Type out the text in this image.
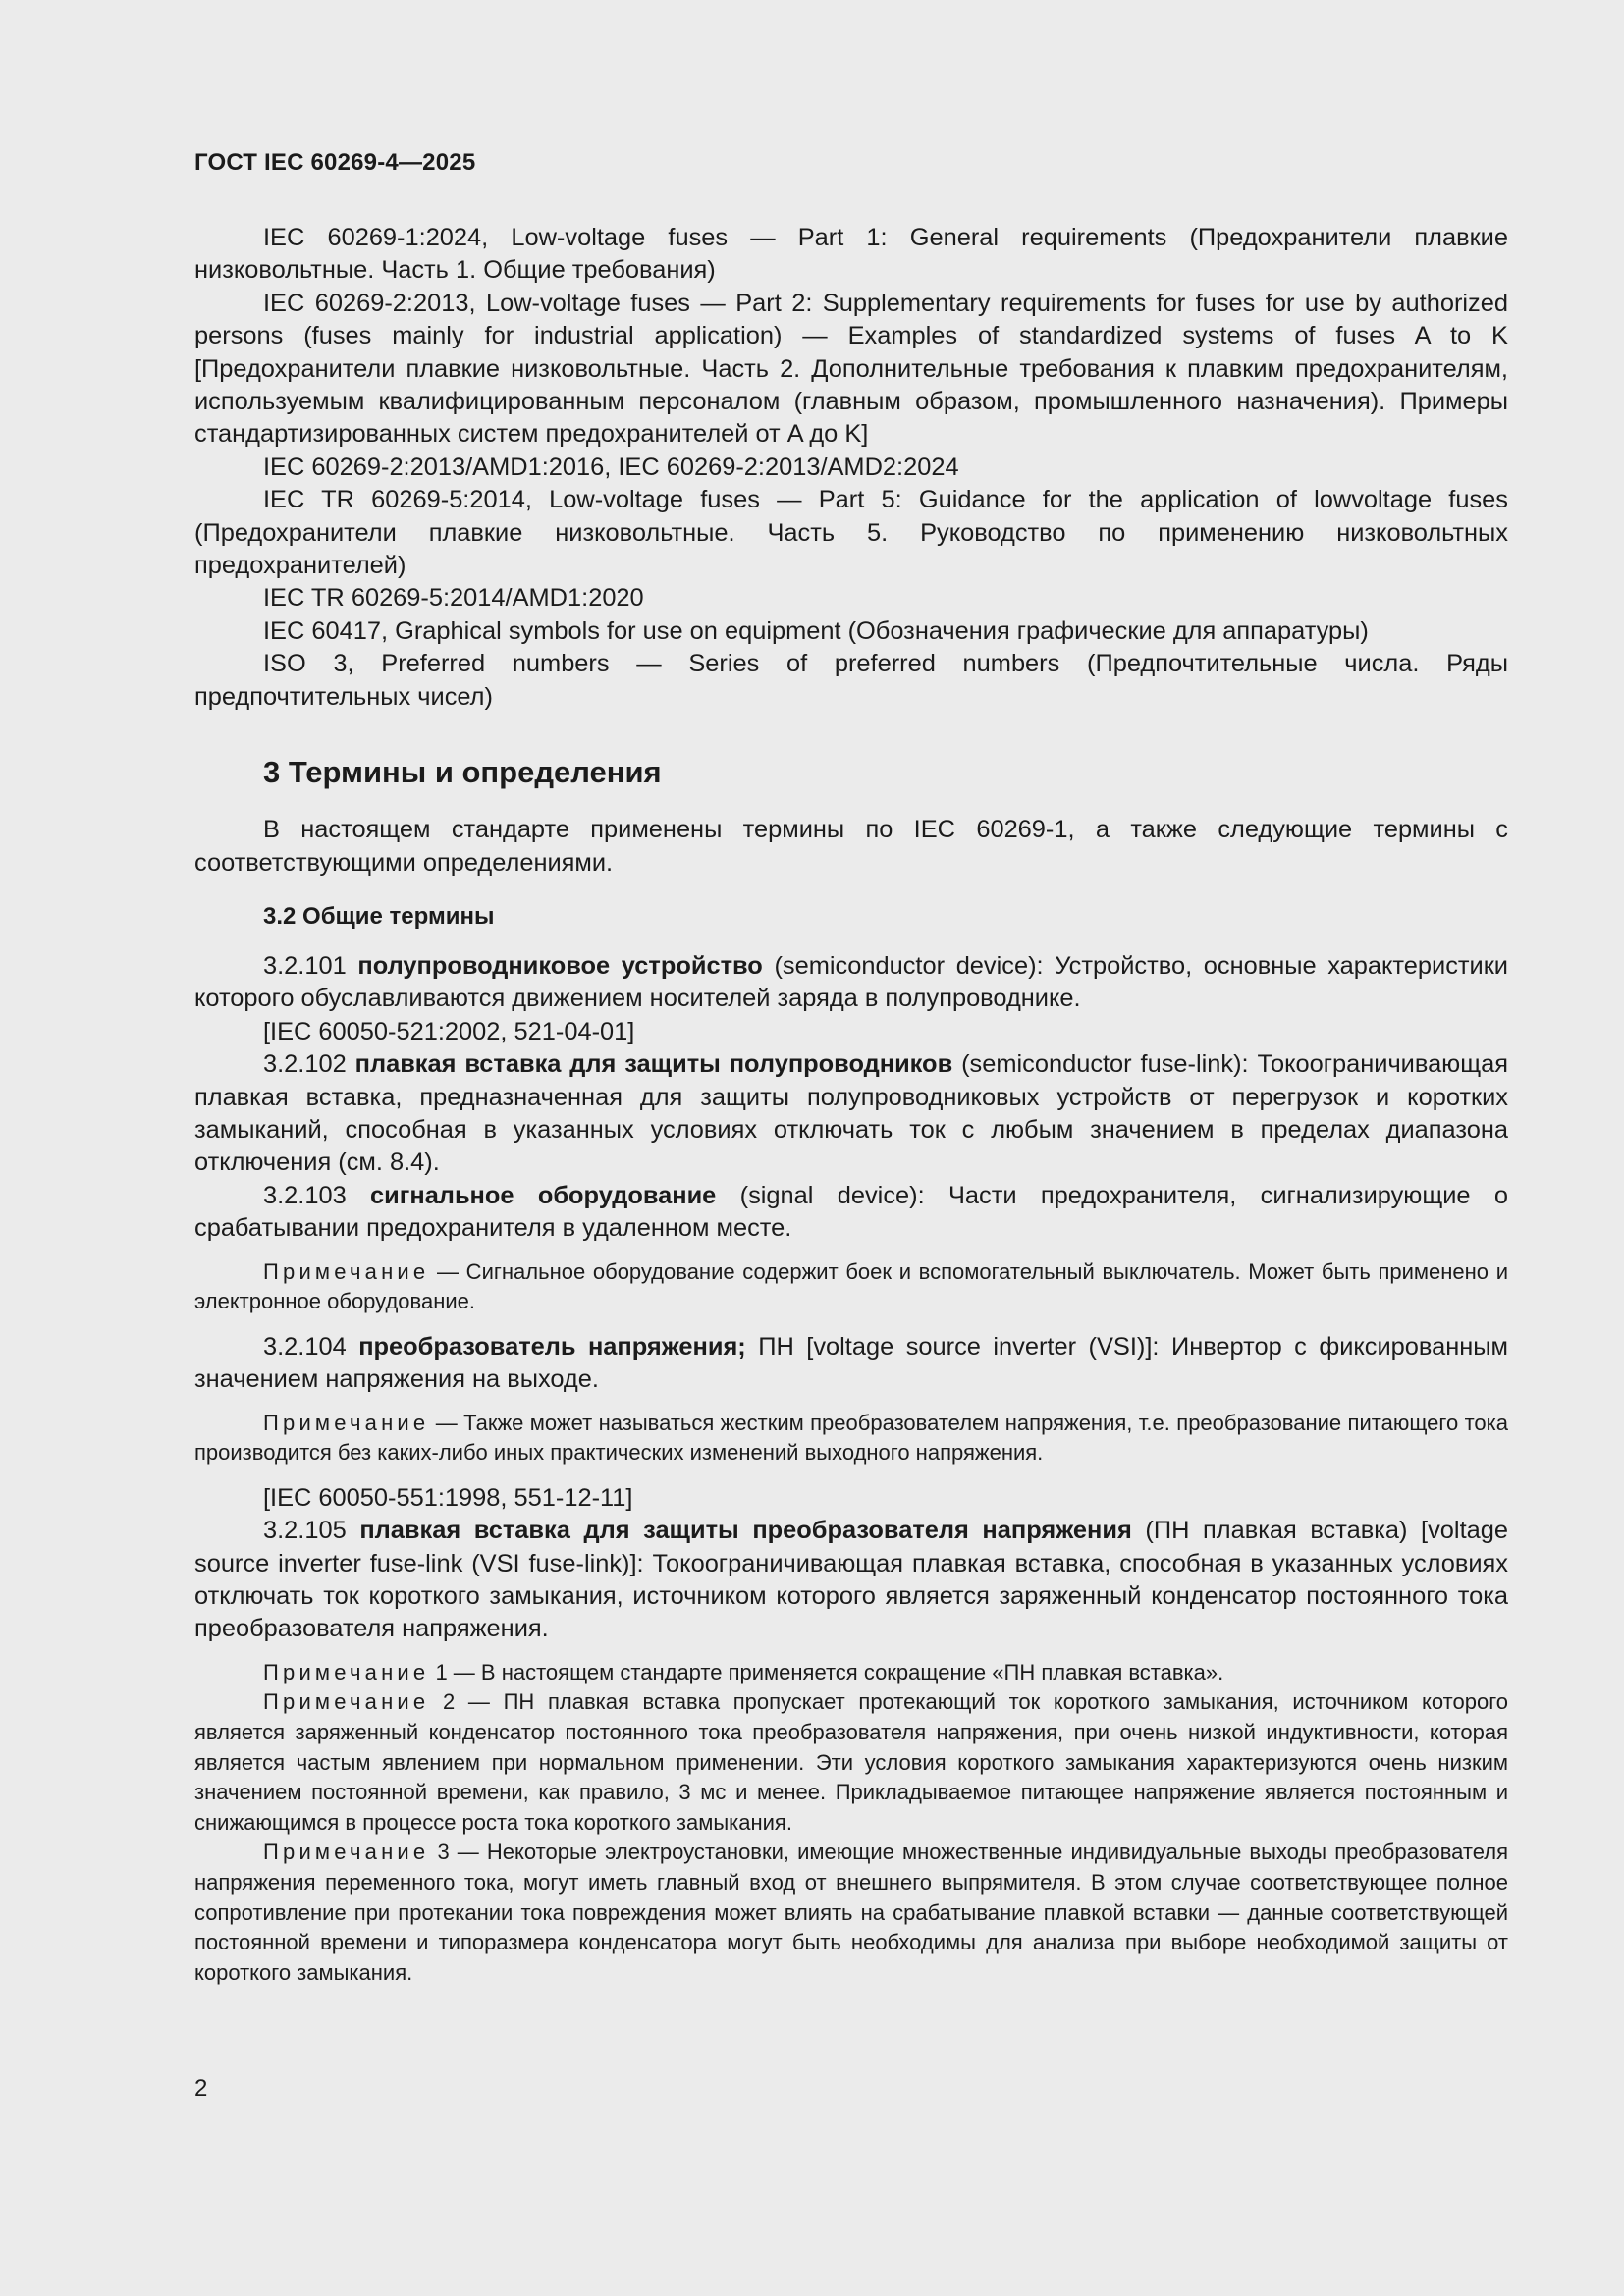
ГОСТ IEC 60269-4—2025

IEC 60269-1:2024, Low-voltage fuses — Part 1: General requirements (Предохранители плавкие низковольтные. Часть 1. Общие требования)

IEC 60269-2:2013, Low-voltage fuses — Part 2: Supplementary requirements for fuses for use by authorized persons (fuses mainly for industrial application) — Examples of standardized systems of fuses A to K [Предохранители плавкие низковольтные. Часть 2. Дополнительные требования к плавким предохранителям, используемым квалифицированным персоналом (главным образом, промышленного назначения). Примеры стандартизированных систем предохранителей от A до K]

IEC 60269-2:2013/AMD1:2016, IEC 60269-2:2013/AMD2:2024

IEC TR 60269-5:2014, Low-voltage fuses — Part 5: Guidance for the application of lowvoltage fuses (Предохранители плавкие низковольтные. Часть 5. Руководство по применению низковольтных предохранителей)

IEC TR 60269-5:2014/AMD1:2020

IEC 60417, Graphical symbols for use on equipment (Обозначения графические для аппаратуры)

ISO 3, Preferred numbers — Series of preferred numbers (Предпочтительные числа. Ряды предпочтительных чисел)

3 Термины и определения

В настоящем стандарте применены термины по IEC 60269-1, а также следующие термины с соответствующими определениями.

3.2 Общие термины

3.2.101 полупроводниковое устройство (semiconductor device): Устройство, основные характеристики которого обуславливаются движением носителей заряда в полупроводнике.

[IEC 60050-521:2002, 521-04-01]

3.2.102 плавкая вставка для защиты полупроводников (semiconductor fuse-link): Токоограничивающая плавкая вставка, предназначенная для защиты полупроводниковых устройств от перегрузок и коротких замыканий, способная в указанных условиях отключать ток с любым значением в пределах диапазона отключения (см. 8.4).

3.2.103 сигнальное оборудование (signal device): Части предохранителя, сигнализирующие о срабатывании предохранителя в удаленном месте.

Примечание — Сигнальное оборудование содержит боек и вспомогательный выключатель. Может быть применено и электронное оборудование.

3.2.104 преобразователь напряжения; ПН [voltage source inverter (VSI)]: Инвертор с фиксированным значением напряжения на выходе.

Примечание — Также может называться жестким преобразователем напряжения, т.е. преобразование питающего тока производится без каких-либо иных практических изменений выходного напряжения.

[IEC 60050-551:1998, 551-12-11]

3.2.105 плавкая вставка для защиты преобразователя напряжения (ПН плавкая вставка) [voltage source inverter fuse-link (VSI fuse-link)]: Токоограничивающая плавкая вставка, способная в указанных условиях отключать ток короткого замыкания, источником которого является заряженный конденсатор постоянного тока преобразователя напряжения.

Примечание 1 — В настоящем стандарте применяется сокращение «ПН плавкая вставка».

Примечание 2 — ПН плавкая вставка пропускает протекающий ток короткого замыкания, источником которого является заряженный конденсатор постоянного тока преобразователя напряжения, при очень низкой индуктивности, которая является частым явлением при нормальном применении. Эти условия короткого замыкания характеризуются очень низким значением постоянной времени, как правило, 3 мс и менее. Прикладываемое питающее напряжение является постоянным и снижающимся в процессе роста тока короткого замыкания.

Примечание 3 — Некоторые электроустановки, имеющие множественные индивидуальные выходы преобразователя напряжения переменного тока, могут иметь главный вход от внешнего выпрямителя. В этом случае соответствующее полное сопротивление при протекании тока повреждения может влиять на срабатывание плавкой вставки — данные соответствующей постоянной времени и типоразмера конденсатора могут быть необходимы для анализа при выборе необходимой защиты от короткого замыкания.

2
